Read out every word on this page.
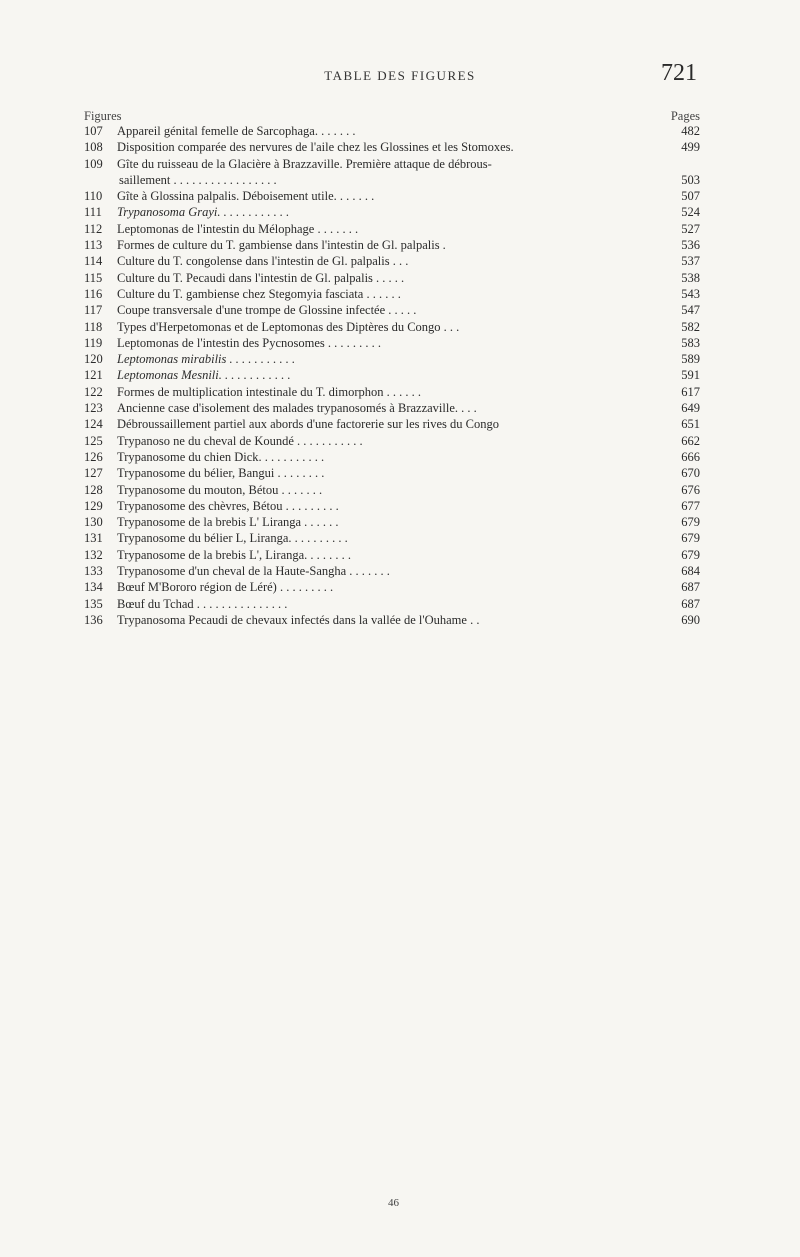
TABLE DES FIGURES	721
Figures	Pages
107	Appareil génital femelle de Sarcophaga. . . . . . .	482
108	Disposition comparée des nervures de l'aile chez les Glossines et les Stomoxes.	499
109	Gîte du ruisseau de la Glacière à Brazzaville. Première attaque de débrous-
saillement . . . . . . . . . . . . . . . . .	503
110	Gîte à Glossina palpalis. Déboisement utile. . . . . . .	507
111	Trypanosoma Grayi. . . . . . . . . . . .	524
112	Leptomonas de l'intestin du Mélophage . . . . . . .	527
113	Formes de culture du T. gambiense dans l'intestin de Gl. palpalis .	536
114	Culture du T. congolense dans l'intestin de Gl. palpalis . . .	537
115	Culture du T. Pecaudi dans l'intestin de Gl. palpalis . . . . .	538
116	Culture du T. gambiense chez Stegomyia fasciata . . . . . .	543
117	Coupe transversale d'une trompe de Glossine infectée . . . . .	547
118	Types d'Herpetomonas et de Leptomonas des Diptères du Congo . . .	582
119	Leptomonas de l'intestin des Pycnosomes . . . . . . . . .	583
120	Leptomonas mirabilis . . . . . . . . . . .	589
121	Leptomonas Mesnili. . . . . . . . . . . .	591
122	Formes de multiplication intestinale du T. dimorphon . . . . . .	617
123	Ancienne case d'isolement des malades trypanosomés à Brazzaville. . . .	649
124	Débroussaillement partiel aux abords d'une factorerie sur les rives du Congo	651
125	Trypanoso ne du cheval de Koundé . . . . . . . . . . .	662
126	Trypanosome du chien Dick. . . . . . . . . . .	666
127	Trypanosome du bélier, Bangui . . . . . . . .	670
128	Trypanosome du mouton, Bétou . . . . . . .	676
129	Trypanosome des chèvres, Bétou . . . . . . . . .	677
130	Trypanosome de la brebis L' Liranga . . . . . .	679
131	Trypanosome du bélier L, Liranga. . . . . . . . . .	679
132	Trypanosome de la brebis L', Liranga. . . . . . . .	679
133	Trypanosome d'un cheval de la Haute-Sangha . . . . . . .	684
134	Bœuf M'Bororo région de Léré) . . . . . . . . .	687
135	Bœuf du Tchad . . . . . . . . . . . . . . .	687
136	Trypanosoma Pecaudi de chevaux infectés dans la vallée de l'Ouhame . .	690
46
